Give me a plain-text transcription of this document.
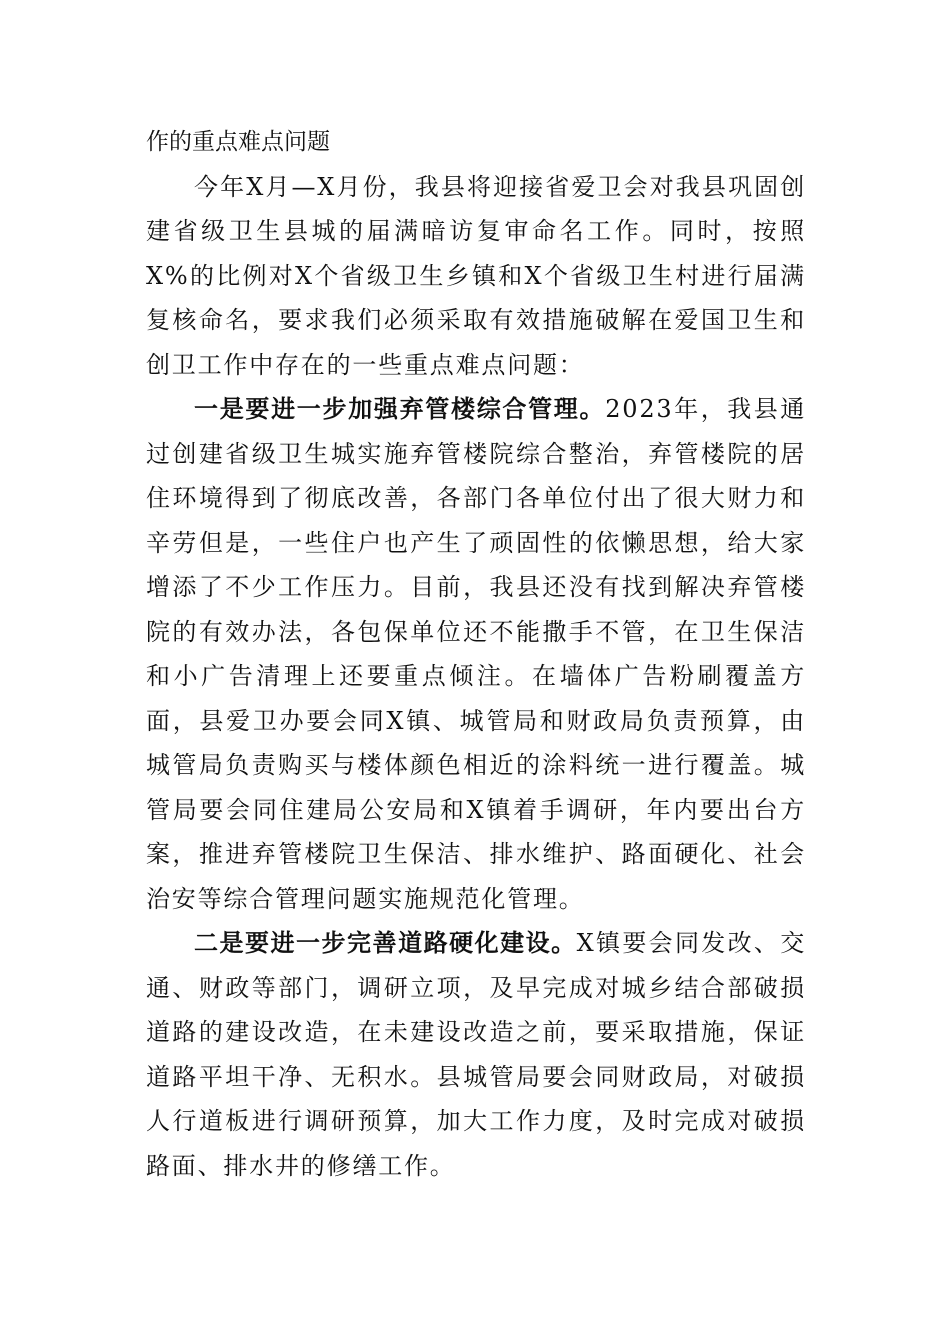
作的重点难点问题

今年X月—X月份，我县将迎接省爱卫会对我县巩固创建省级卫生县城的届满暗访复审命名工作。同时，按照X%的比例对X个省级卫生乡镇和X个省级卫生村进行届满复核命名，要求我们必须采取有效措施破解在爱国卫生和创卫工作中存在的一些重点难点问题：

一是要进一步加强弃管楼综合管理。2023年，我县通过创建省级卫生城实施弃管楼院综合整治，弃管楼院的居住环境得到了彻底改善，各部门各单位付出了很大财力和辛劳但是，一些住户也产生了顽固性的依懒思想，给大家增添了不少工作压力。目前，我县还没有找到解决弃管楼院的有效办法，各包保单位还不能撒手不管，在卫生保洁和小广告清理上还要重点倾注。在墙体广告粉刷覆盖方面，县爱卫办要会同X镇、城管局和财政局负责预算，由城管局负责购买与楼体颜色相近的涂料统一进行覆盖。城管局要会同住建局公安局和X镇着手调研，年内要出台方案，推进弃管楼院卫生保洁、排水维护、路面硬化、社会治安等综合管理问题实施规范化管理。

二是要进一步完善道路硬化建设。X镇要会同发改、交通、财政等部门，调研立项，及早完成对城乡结合部破损道路的建设改造，在未建设改造之前，要采取措施，保证道路平坦干净、无积水。县城管局要会同财政局，对破损人行道板进行调研预算，加大工作力度，及时完成对破损路面、排水井的修缮工作。
